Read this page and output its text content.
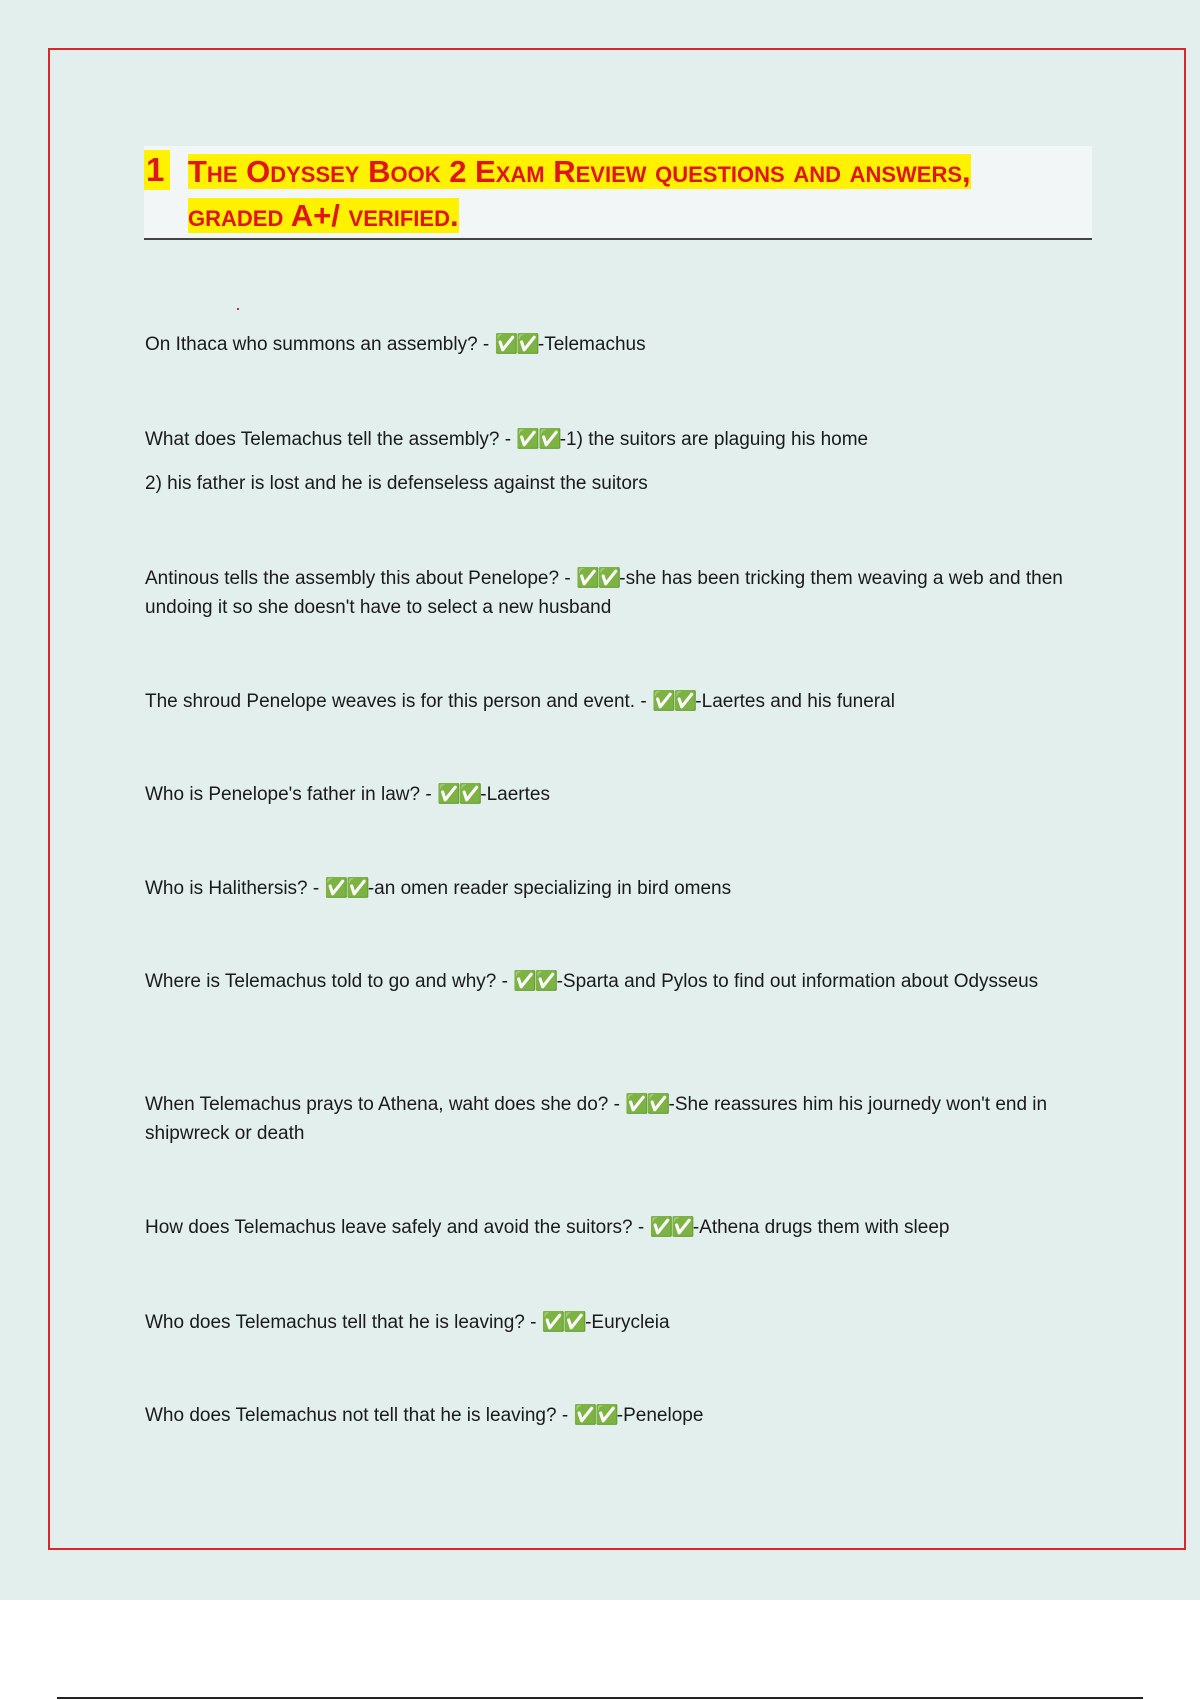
1 The Odyssey Book 2 Exam Review questions and answers, graded A+/ verified.

On Ithaca who summons an assembly? - ✅✅-Telemachus

What does Telemachus tell the assembly? - ✅✅-1) the suitors are plaguing his home

2) his father is lost and he is defenseless against the suitors

Antinous tells the assembly this about Penelope? - ✅✅-she has been tricking them weaving a web and then undoing it so she doesn't have to select a new husband

The shroud Penelope weaves is for this person and event. - ✅✅-Laertes and his funeral

Who is Penelope's father in law? - ✅✅-Laertes

Who is Halithersis? - ✅✅-an omen reader specializing in bird omens

Where is Telemachus told to go and why? - ✅✅-Sparta and Pylos to find out information about Odysseus

When Telemachus prays to Athena, waht does she do? - ✅✅-She reassures him his journedy won't end in shipwreck or death

How does Telemachus leave safely and avoid the suitors? - ✅✅-Athena drugs them with sleep

Who does Telemachus tell that he is leaving? - ✅✅-Eurycleia

Who does Telemachus not tell that he is leaving? - ✅✅-Penelope
